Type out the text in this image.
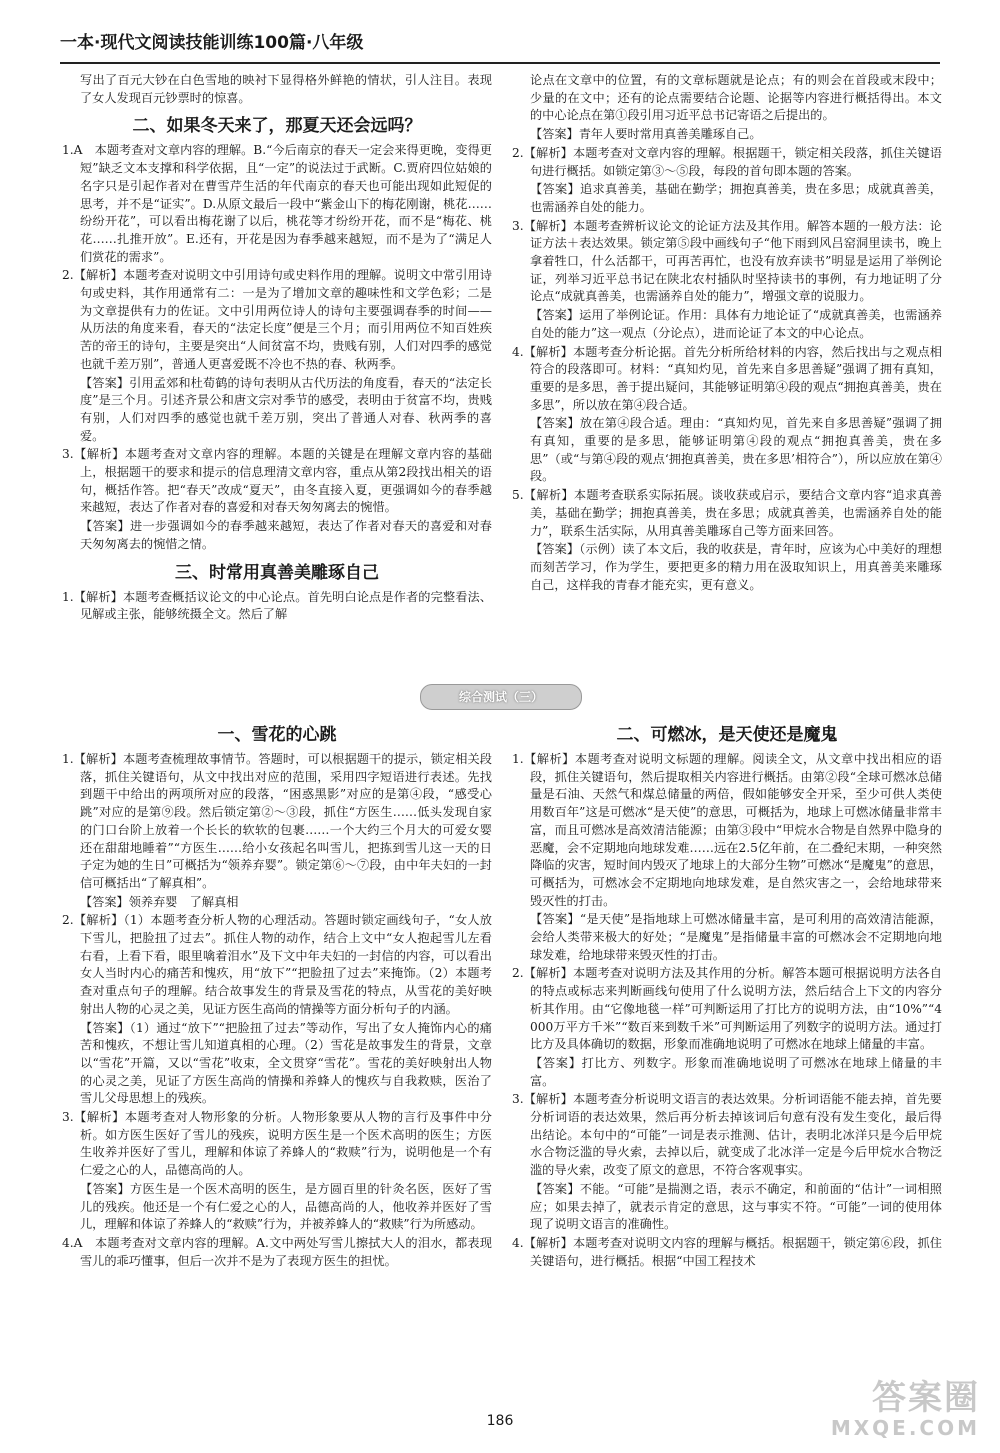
一本·现代文阅读技能训练100篇·八年级

写出了百元大钞在白色雪地的映衬下显得格外鲜艳的情状，引人注目。表现了女人发现百元钞票时的惊喜。

二、如果冬天来了，那夏天还会远吗？

1.A　本题考查对文章内容的理解。B.“今后南京的春天一定会来得更晚，变得更短”缺乏文本支撑和科学依据，且“一定”的说法过于武断。C.贾府四位姑娘的名字只是引起作者对在曹雪芹生活的年代南京的春天也可能出现如此短促的思考，并不是“证实”。D.从原文最后一段中“紫金山下的梅花刚谢，桃花……纷纷开花”，可以看出梅花谢了以后，桃花等才纷纷开花，而不是“梅花、桃花……扎推开放”。E.还有，开花是因为春季越来越短，而不是为了“满足人们赏花的需求”。

2.【解析】本题考查对说明文中引用诗句或史料作用的理解。说明文中常引用诗句或史料，其作用通常有二：一是为了增加文章的趣味性和文学色彩；二是为文章提供有力的佐证。文中引用两位诗人的诗句主要强调春季的时间——从历法的角度来看，春天的“法定长度”便是三个月；而引用两位不知百姓疾苦的帝王的诗句，主要是突出“人间贫富不均，贵贱有别，人们对四季的感觉也就千差万别”，普通人更喜爱既不冷也不热的春、秋两季。

【答案】引用孟郊和杜荀鹤的诗句表明从古代历法的角度看，春天的“法定长度”是三个月。引述齐景公和唐文宗对季节的感受，表明由于贫富不均，贵贱有别，人们对四季的感觉也就千差万别，突出了普通人对春、秋两季的喜爱。

3.【解析】本题考查对文章内容的理解。本题的关键是在理解文章内容的基础上，根据题干的要求和提示的信息理清文章内容，重点从第2段找出相关的语句，概括作答。把“春天”改成“夏天”，由冬直接入夏，更强调如今的春季越来越短，表达了作者对春的喜爱和对春天匆匆离去的惋惜。

【答案】进一步强调如今的春季越来越短，表达了作者对春天的喜爱和对春天匆匆离去的惋惜之情。

三、时常用真善美雕琢自己

1.【解析】本题考查概括议论文的中心论点。首先明白论点是作者的完整看法、见解或主张，能够统摄全文。然后了解

论点在文章中的位置，有的文章标题就是论点；有的则会在首段或末段中；少量的在文中；还有的论点需要结合论题、论据等内容进行概括得出。本文的中心论点在第①段引用习近平总书记寄语之后提出的。

【答案】青年人要时常用真善美雕琢自己。

2.【解析】本题考查对文章内容的理解。根据题干，锁定相关段落，抓住关键语句进行概括。如锁定第③～⑤段，每段的首句即本题的答案。

【答案】追求真善美，基础在勤学；拥抱真善美，贵在多思；成就真善美，也需涵养自处的能力。

3.【解析】本题考查辨析议论文的论证方法及其作用。解答本题的一般方法：论证方法＋表达效果。锁定第⑤段中画线句子“他下雨到风吕窑洞里读书，晚上拿着牲口，什么活都干，可再苦再忙，也没有放弃读书”明显是运用了举例论证，列举习近平总书记在陕北农村插队时坚持读书的事例，有力地证明了分论点“成就真善美，也需涵养自处的能力”，增强文章的说服力。

【答案】运用了举例论证。作用：具体有力地论证了“成就真善美，也需涵养自处的能力”这一观点（分论点），进而论证了本文的中心论点。

4.【解析】本题考查分析论据。首先分析所给材料的内容，然后找出与之观点相符合的段落即可。材料：“真知灼见，首先来自多思善疑”强调了拥有真知，重要的是多思，善于提出疑问，其能够证明第④段的观点“拥抱真善美，贵在多思”，所以放在第④段合适。

【答案】放在第④段合适。理由：“真知灼见，首先来自多思善疑”强调了拥有真知，重要的是多思，能够证明第④段的观点“拥抱真善美，贵在多思”（或“与第④段的观点‘拥抱真善美，贵在多思’相符合”），所以应放在第④段。

5.【解析】本题考查联系实际拓展。谈收获或启示，要结合文章内容“追求真善美，基础在勤学；拥抱真善美，贵在多思；成就真善美，也需涵养自处的能力”，联系生活实际，从用真善美雕琢自己等方面来回答。

【答案】（示例）读了本文后，我的收获是，青年时，应该为心中美好的理想而刻苦学习，作为学生，要把更多的精力用在汲取知识上，用真善美来雕琢自己，这样我的青春才能充实，更有意义。

综合测试（三）
一、雪花的心跳

1.【解析】本题考查梳理故事情节。答题时，可以根据题干的提示，锁定相关段落，抓住关键语句，从文中找出对应的范围，采用四字短语进行表述。先找到题干中给出的两项所对应的段落，“困惑黑影”对应的是第④段，“感受心跳”对应的是第⑨段。然后锁定第②～③段，抓住“方医生……低头发现自家的门口台阶上放着一个长长的软软的包裹……一个大约三个月大的可爱女婴还在甜甜地睡着”“方医生……给小女孩起名叫雪儿，把拣到雪儿这一天的日子定为她的生日”可概括为“领养弃婴”。锁定第⑥～⑦段，由中年夫妇的一封信可概括出“了解真相”。

【答案】领养弃婴　了解真相

2.【解析】（1）本题考查分析人物的心理活动。答题时锁定画线句子，“女人放下雪儿，把脸扭了过去”。抓住人物的动作，结合上文中“女人抱起雪儿左看右看，上看下看，眼里噙着泪水”及下文中年夫妇的一封信的内容，可以看出女人当时内心的痛苦和愧疚，用“放下”“把脸扭了过去”来掩饰。（2）本题考查对重点句子的理解。结合故事发生的背景及雪花的特点，从雪花的美好映射出人物的心灵之美，见证方医生高尚的情操等方面分析句子的内涵。

【答案】（1）通过“放下”“把脸扭了过去”等动作，写出了女人掩饰内心的痛苦和愧疚，不想让雪儿知道真相的心理。（2）雪花是故事发生的背景，文章以“雪花”开篇，又以“雪花”收束，全文贯穿“雪花”。雪花的美好映射出人物的心灵之美，见证了方医生高尚的情操和养蜂人的愧疚与自我救赎，医治了雪儿父母思想上的残疾。

3.【解析】本题考查对人物形象的分析。人物形象要从人物的言行及事件中分析。如方医生医好了雪儿的残疾，说明方医生是一个医术高明的医生；方医生收养并医好了雪儿，理解和体谅了养蜂人的“救赎”行为，说明他是一个有仁爱之心的人，品德高尚的人。

【答案】方医生是一个医术高明的医生，是方圆百里的针灸名医，医好了雪儿的残疾。他还是一个有仁爱之心的人，品德高尚的人，他收养并医好了雪儿，理解和体谅了养蜂人的“救赎”行为，并被养蜂人的“救赎”行为所感动。

4.A　本题考查对文章内容的理解。A.文中两处写雪儿擦拭大人的泪水，都表现雪儿的乖巧懂事，但后一次并不是为了表现方医生的担忧。

二、可燃冰，是天使还是魔鬼

1.【解析】本题考查对说明文标题的理解。阅读全文，从文章中找出相应的语段，抓住关键语句，然后提取相关内容进行概括。由第②段“全球可燃冰总储量是石油、天然气和煤总储量的两倍，假如能够安全开采，至少可供人类使用数百年”这是可燃冰“是天使”的意思，可概括为，地球上可燃冰储量非常丰富，而且可燃冰是高效清洁能源；由第③段中“甲烷水合物是自然界中隐身的恶魔，会不定期地向地球发难……远在2.5亿年前，在二叠纪末期，一种突然降临的灾害，短时间内毁灭了地球上的大部分生物”可燃冰“是魔鬼”的意思，可概括为，可燃冰会不定期地向地球发难，是自然灾害之一，会给地球带来毁灭性的打击。

【答案】“是天使”是指地球上可燃冰储量丰富，是可利用的高效清洁能源，会给人类带来极大的好处；“是魔鬼”是指储量丰富的可燃冰会不定期地向地球发难，给地球带来毁灭性的打击。

2.【解析】本题考查对说明方法及其作用的分析。解答本题可根据说明方法各自的特点或标志来判断画线句使用了什么说明方法，然后结合上下文的内容分析其作用。由“它像地毯一样”可判断运用了打比方的说明方法，由“10%”“4 000万平方千米”“数百来到数千米”可判断运用了列数字的说明方法。通过打比方及具体确切的数据，形象而准确地说明了可燃冰在地球上储量的丰富。

【答案】打比方、列数字。形象而准确地说明了可燃冰在地球上储量的丰富。

3.【解析】本题考查分析说明文语言的表达效果。分析词语能不能去掉，首先要分析词语的表达效果，然后再分析去掉该词后句意有没有发生变化，最后得出结论。本句中的“可能”一词是表示推测、估计，表明北冰洋只是今后甲烷水合物泛滥的导火索，去掉以后，就变成了北冰洋一定是今后甲烷水合物泛滥的导火索，改变了原文的意思，不符合客观事实。

【答案】不能。“可能”是揣测之语，表示不确定，和前面的“估计”一词相照应；如果去掉了，就表示肯定的意思，这与事实不符。“可能”一词的使用体现了说明文语言的准确性。

4.【解析】本题考查对说明文内容的理解与概括。根据题干，锁定第⑥段，抓住关键语句，进行概括。根据“中国工程技术

186
答案圈
MXQE.COM
